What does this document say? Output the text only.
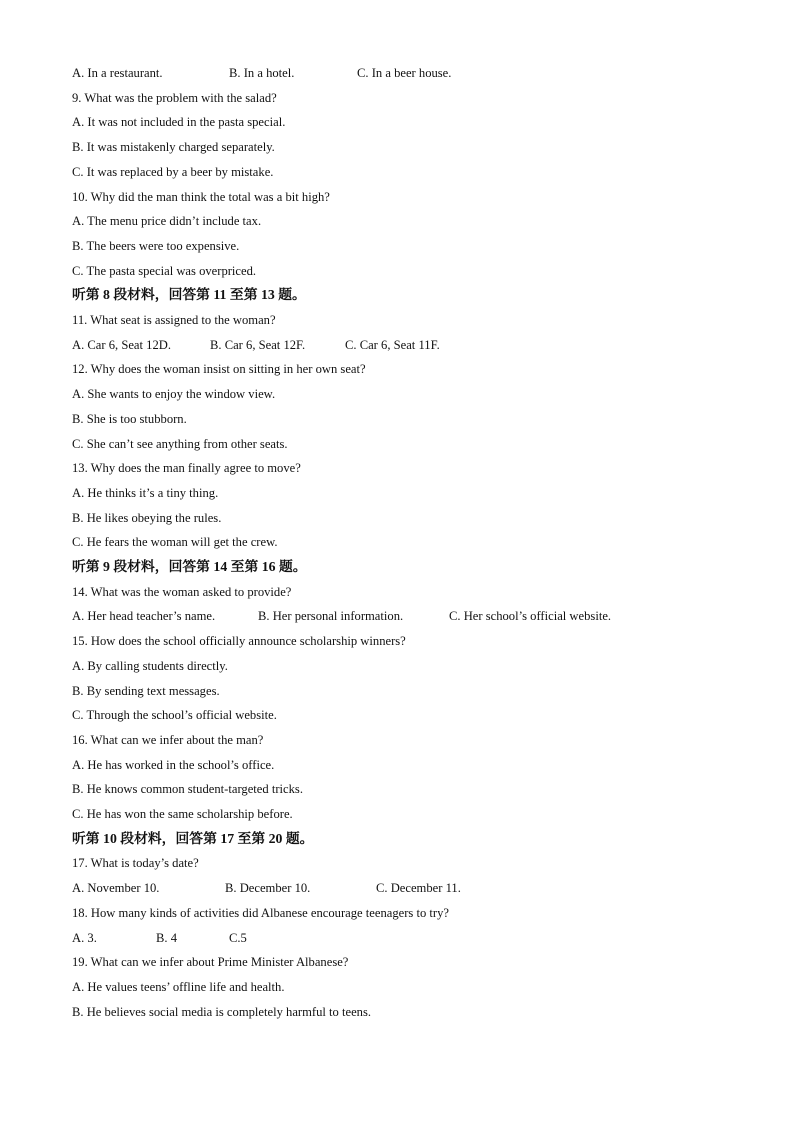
A. In a restaurant.	B. In a hotel.	C. In a beer house.
9. What was the problem with the salad?
A. It was not included in the pasta special.
B. It was mistakenly charged separately.
C. It was replaced by a beer by mistake.
10. Why did the man think the total was a bit high?
A. The menu price didn’t include tax.
B. The beers were too expensive.
C. The pasta special was overpriced.
听第 8 段材料，回答第 11 至第 13 题。
11. What seat is assigned to the woman?
A. Car 6, Seat 12D.	B. Car 6, Seat 12F.	C. Car 6, Seat 11F.
12. Why does the woman insist on sitting in her own seat?
A. She wants to enjoy the window view.
B. She is too stubborn.
C. She can’t see anything from other seats.
13. Why does the man finally agree to move?
A. He thinks it’s a tiny thing.
B. He likes obeying the rules.
C. He fears the woman will get the crew.
听第 9 段材料，回答第 14 至第 16 题。
14. What was the woman asked to provide?
A. Her head teacher’s name.	B. Her personal information.	C. Her school’s official website.
15. How does the school officially announce scholarship winners?
A. By calling students directly.
B. By sending text messages.
C. Through the school’s official website.
16. What can we infer about the man?
A. He has worked in the school’s office.
B. He knows common student-targeted tricks.
C. He has won the same scholarship before.
听第 10 段材料，回答第 17 至第 20 题。
17. What is today’s date?
A. November 10.	B. December 10.	C. December 11.
18. How many kinds of activities did Albanese encourage teenagers to try?
A. 3.	B. 4	C.5
19. What can we infer about Prime Minister Albanese?
A. He values teens’ offline life and health.
B. He believes social media is completely harmful to teens.
